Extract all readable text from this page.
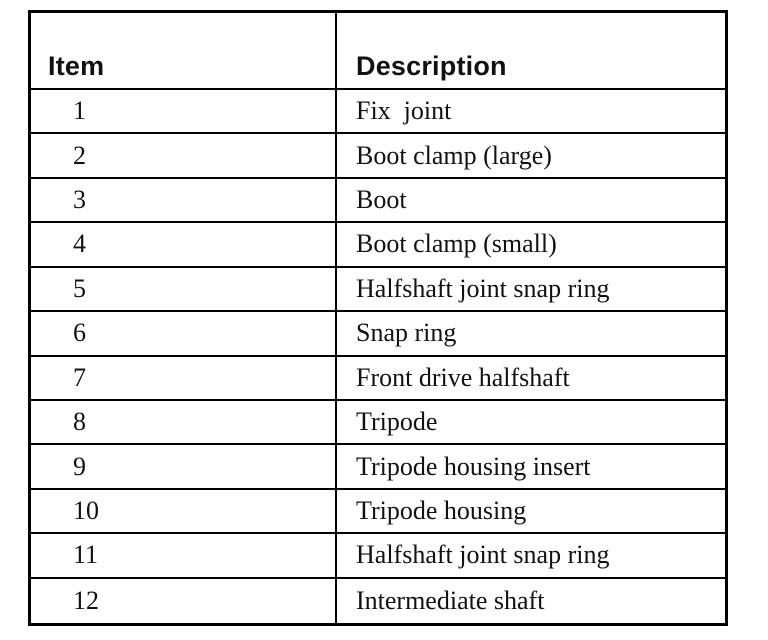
Item	Description
1	Fix  joint
2	Boot clamp (large)
3	Boot
4	Boot clamp (small)
5	Halfshaft joint snap ring
6	Snap ring
7	Front drive halfshaft
8	Tripode
9	Tripode housing insert
10	Tripode housing
11	Halfshaft joint snap ring
12	Intermediate shaft
